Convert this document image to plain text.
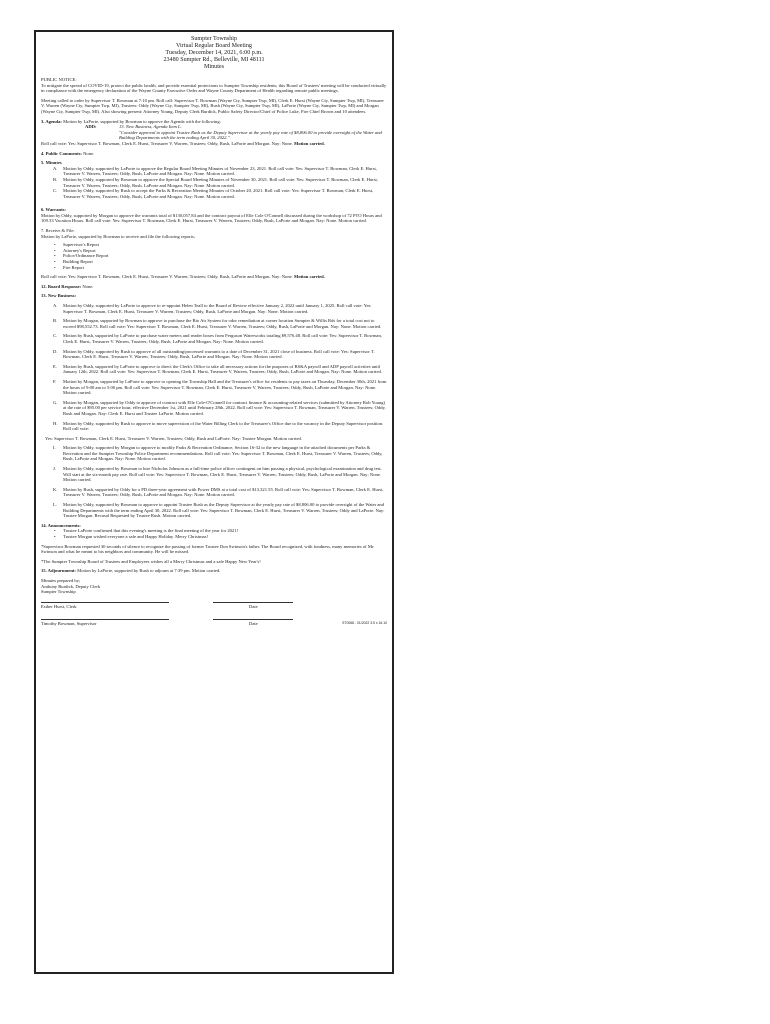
Sumpter Township
Virtual Regular Board Meeting
Tuesday, December 14, 2021, 6:00 p.m.
23480 Sumpter Rd., Belleville, MI 48111
Minutes

PUBLIC NOTICE:
To mitigate the spread of COVID-19, protect the public health, and provide essential protections to Sumpter Township residents; this Board of Trustees' meeting will be conducted virtually in compliance with the emergency declaration of the Wayne County Executive Order and Wayne County Department of Health regarding remote public meetings.

Meeting called to order by Supervisor T. Bowman at 7:10 pm. Roll call: Supervisor T. Bowman (Wayne Cty, Sumpter Twp, MI), Clerk E. Hurst (Wayne Cty, Sumpter Twp, MI), Treasurer V. Warren (Wayne Cty, Sumpter Twp, MI), Trustees: Oddy (Wayne Cty, Sumpter Twp, MI), Rush (Wayne Cty, Sumpter Twp, MI), LaPorte (Wayne Cty, Sumpter Twp, MI) and Morgan (Wayne Cty, Sumpter Twp, MI). Also showing present: Attorney Young, Deputy Clerk Burdick, Public Safety Director/Chief of Police Luke, Fire Chief Brown and 10 attendees.

3. Agenda: Motion by LaPorte, supported by Bowman to approve the Agenda with the following:
ADD:	13. New Business, Agenda Item L.
"Consider approval to appoint Trustee Rush as the Deputy Supervisor at the yearly pay rate of $8,806.00 to provide oversight of the Water and Building Departments with the term ending April 30, 2022."
Roll call vote: Yes: Supervisor T. Bowman, Clerk E. Hurst, Treasurer V. Warren, Trustees; Oddy, Rush, LaPorte and Morgan. Nay: None. Motion carried.

4. Public Comments: None.

5. Minutes
A. Motion by Oddy, supported by LaPorte to approve the Regular Board Meeting Minutes of November 23, 2021. Roll call vote: Yes: Supervisor T. Bowman, Clerk E. Hurst, Treasurer V. Warren, Trustees; Oddy, Rush, LaPorte and Morgan. Nay: None. Motion carried.
B. Motion by Oddy, supported by Bowman to approve the Special Board Meeting Minutes of November 30, 2021. Roll call vote: Yes: Supervisor T. Bowman, Clerk E. Hurst, Treasurer V. Warren, Trustees; Oddy, Rush, LaPorte and Morgan. Nay: None. Motion carried.
C. Motion by Oddy, supported by Rush to accept the Parks & Recreation Meeting Minutes of October 20, 2021. Roll call vote: Yes: Supervisor T. Bowman, Clerk E. Hurst, Treasurer V. Warren, Trustees; Oddy, Rush, LaPorte and Morgan. Nay: None. Motion carried.

6. Warrants:
Motion by Oddy, supported by Morgan to approve the warrants total of $130,057.84 and the contract payout of Elle Cole O'Connell discussed during the workshop of 72 PTO Hours and 109.33 Vacation Hours. Roll call vote: Yes: Supervisor T. Bowman, Clerk E. Hurst, Treasurer V. Warren, Trustees; Oddy, Rush, LaPorte and Morgan. Nay: None. Motion carried.

7. Receive & File:
Motion by LaPorte, supported by Bowman to receive and file the following reports;
• Supervisor's Report
• Attorney's Report
• Police/Ordinance Report
• Building Report
• Fire Report

Roll call vote: Yes: Supervisor T. Bowman, Clerk E. Hurst, Treasurer V. Warren, Trustees; Oddy, Rush, LaPorte and Morgan. Nay: None. Motion carried.

12. Board Response: None.

13. New Business:
A. Motion by Oddy, supported by LaPorte to approve to re-appoint Helen Teall to the Board of Review effective January 2, 2022 until January 1, 2025. Roll call vote: Yes: Supervisor T. Bowman, Clerk E. Hurst, Treasurer V. Warren, Trustees; Oddy, Rush, LaPorte and Morgan. Nay: None. Motion carried.
B. Motion by Morgan, supported by Bowman to approve to purchase the Bio Air System for odor remediation at corner location Sumpter & Willis Rds for a total cost not to exceed $98,552.73. Roll call vote: Yes: Supervisor T. Bowman, Clerk E. Hurst, Treasurer V. Warren, Trustees; Oddy, Rush, LaPorte and Morgan. Nay: None. Motion carried.
C. Motion by Rush, supported by LaPorte to purchase water meters and reader boxes from Ferguson Waterworks totaling $9,576.48. Roll call vote: Yes: Supervisor T. Bowman, Clerk E. Hurst, Treasurer V. Warren, Trustees; Oddy, Rush, LaPorte and Morgan. Nay: None. Motion carried.
D. Motion by Oddy, supported by Rush to approve of all outstanding/processed warrants to a date of December 31, 2021 close of business. Roll call vote: Yes: Supervisor T. Bowman, Clerk E. Hurst, Treasurer V. Warren, Trustees; Oddy, Rush, LaPorte and Morgan. Nay: None. Motion carried.
E. Motion by Rush, supported by LaPorte to approve to direct the Clerk's Office to take all necessary actions for the purposes of BS&A payroll and ADP payroll activities until January 12th, 2022. Roll call vote: Yes: Supervisor T. Bowman, Clerk E. Hurst, Treasurer V. Warren, Trustees; Oddy, Rush, LaPorte and Morgan. Nay: None. Motion carried.
F. Motion by Morgan, supported by LaPorte to approve to opening the Township Hall and the Treasurer's office for residents to pay taxes on Thursday, December 30th, 2021 from the hours of 9:00 am to 5:00 pm. Roll call vote: Yes: Supervisor T. Bowman, Clerk E. Hurst, Treasurer V. Warren, Trustees; Oddy, Rush, LaPorte and Morgan. Nay: None. Motion carried.
G. Motion by Morgan, supported by Oddy to approve of contract with Elle Cole-O'Connell for contract finance & accounting-related services (submitted by Attorney Rob Young) at the rate of $95.00 per service hour, effective December 1st, 2021 until February 28th, 2022. Roll call vote: Yes: Supervisor T. Bowman, Treasurer V. Warren, Trustees; Oddy, Rush and Morgan. Nay: Clerk E. Hurst and Trustee LaPorte. Motion carried.
H. Motion by Oddy, supported by Rush to approve to move supervision of the Water Billing Clerk to the Treasurer's Office due to the vacancy in the Deputy Supervisor position. Roll call vote:

Yes: Supervisor T. Bowman, Clerk E. Hurst, Treasurer V. Warren, Trustees; Oddy, Rush and LaPorte. Nay: Trustee Morgan. Motion carried.

I. Motion by Oddy, supported by Morgan to approve to modify Parks & Recreation Ordinance, Section 16-32 to the new language in the attached documents per Parks & Recreation and the Sumpter Township Police Department recommendations. Roll call vote: Yes: Supervisor T. Bowman, Clerk E. Hurst, Treasurer V. Warren, Trustees; Oddy, Rush, LaPorte and Morgan. Nay: None. Motion carried.
J. Motion by Oddy, supported by Bowman to hire Nicholas Johnson as a full-time police officer contingent on him passing a physical, psychological examination and drug test. Will start at the six-month pay rate. Roll call vote: Yes: Supervisor T. Bowman, Clerk E. Hurst, Treasurer V. Warren, Trustees; Oddy, Rush, LaPorte and Morgan. Nay: None. Motion carried.
K. Motion by Rush, supported by Oddy for a PD three-year agreement with Power DMS at a total cost of $13,321.55. Roll call vote: Yes: Supervisor T. Bowman, Clerk E. Hurst, Treasurer V. Warren, Trustees; Oddy, Rush, LaPorte and Morgan. Nay: None. Motion carried.
L. Motion by Oddy, supported by Bowman to approve to appoint Trustee Rush as the Deputy Supervisor at the yearly pay rate of $8,806.00 to provide oversight of the Water and Building Departments with the term ending April 30, 2022. Roll call vote: Yes: Supervisor T. Bowman, Clerk E. Hurst, Treasurer V. Warren, Trustees; Oddy and LaPorte. Nay: Trustee Morgan. Recusal Requested by Trustee Rush. Motion carried.
14. Announcements:
• Trustee LaPorte confirmed that this evening's meeting is the final meeting of the year for 2021!
• Trustee Morgan wished everyone a safe and Happy Holiday. Merry Christmas!

*Supervisor Bowman requested 30 seconds of silence to recognize the passing of former Trustee Don Swinson's father. The Board recognized, with fondness, many memories of Mr. Swinson and what he meant to his neighbors and community. He will be missed.

*The Sumpter Township Board of Trustees and Employees wishes all a Merry Christmas and a safe Happy New Year's!

15. Adjournment: Motion by LaPorte, supported by Rush to adjourn at 7:39 pm. Motion carried.

Minutes prepared by;
Anthony Burdick, Deputy Clerk
Sumpter Township
Esther Hurst, Clerk	Date
Timothy Bowman, Supervisor	Date	ST0068 - 01/2022 3.5 x 16.10
